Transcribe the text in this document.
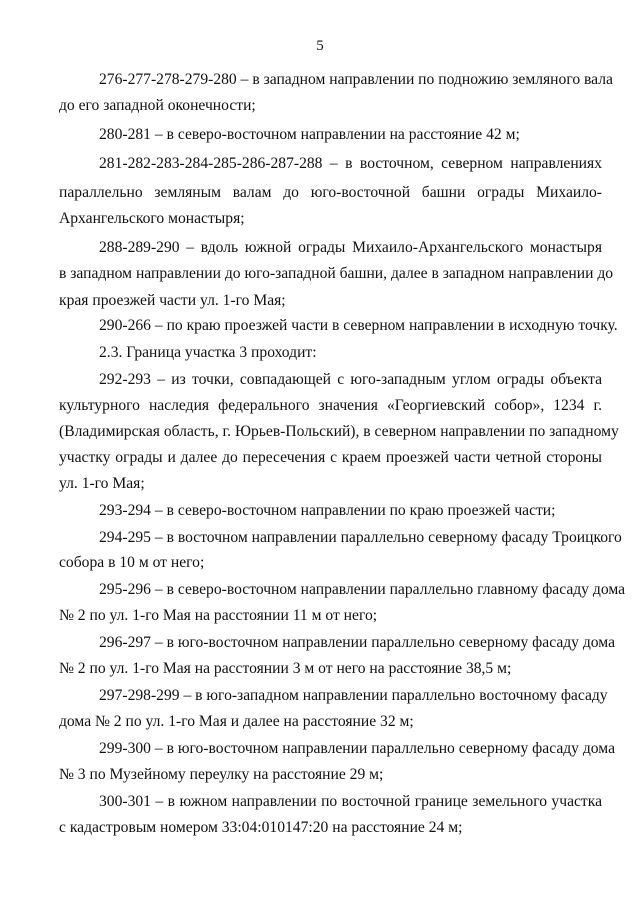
5
276-277-278-279-280 – в западном направлении по подножию земляного вала
до его западной оконечности;
280-281 – в северо-восточном направлении на расстояние 42 м;
281-282-283-284-285-286-287-288 – в восточном, северном направлениях
параллельно земляным валам до юго-восточной башни ограды Михаило-
Архангельского монастыря;
288-289-290 – вдоль южной ограды Михаило-Архангельского монастыря
в западном направлении до юго-западной башни, далее в западном направлении до
края проезжей части ул. 1-го Мая;
290-266 – по краю проезжей части в северном направлении в исходную точку.
2.3. Граница участка 3 проходит:
292-293 – из точки, совпадающей с юго-западным углом ограды объекта
культурного наследия федерального значения «Георгиевский собор», 1234 г.
(Владимирская область, г. Юрьев-Польский), в северном направлении по западному
участку ограды и далее до пересечения с краем проезжей части четной стороны
ул. 1-го Мая;
293-294 – в северо-восточном направлении по краю проезжей части;
294-295 – в восточном направлении параллельно северному фасаду Троицкого
собора в 10 м от него;
295-296 – в северо-восточном направлении параллельно главному фасаду дома
№ 2 по ул. 1-го Мая на расстоянии 11 м от него;
296-297 – в юго-восточном направлении параллельно северному фасаду дома
№ 2 по ул. 1-го Мая на расстоянии 3 м от него на расстояние 38,5 м;
297-298-299 – в юго-западном направлении параллельно восточному фасаду
дома № 2 по ул. 1-го Мая и далее на расстояние 32 м;
299-300 – в юго-восточном направлении параллельно северному фасаду дома
№ 3 по Музейному переулку на расстояние 29 м;
300-301 – в южном направлении по восточной границе земельного участка
с кадастровым номером 33:04:010147:20 на расстояние 24 м;
